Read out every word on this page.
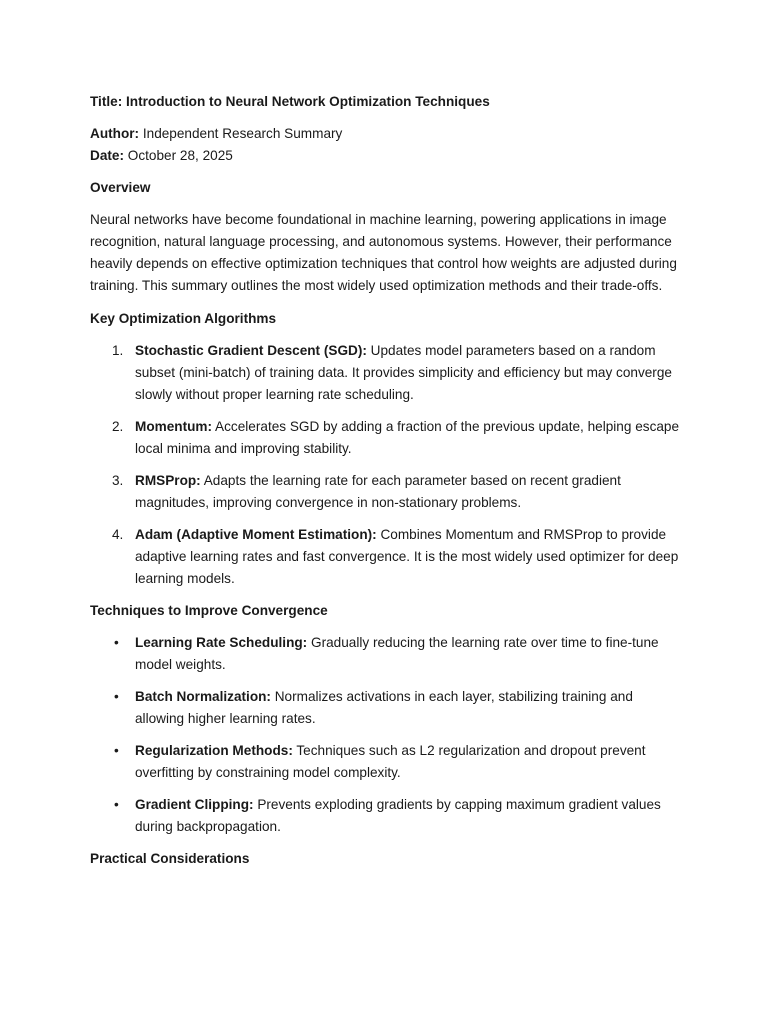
Title: Introduction to Neural Network Optimization Techniques

Author: Independent Research Summary

Date: October 28, 2025

Overview

Neural networks have become foundational in machine learning, powering applications in image recognition, natural language processing, and autonomous systems. However, their performance heavily depends on effective optimization techniques that control how weights are adjusted during training. This summary outlines the most widely used optimization methods and their trade-offs.

Key Optimization Algorithms

1. Stochastic Gradient Descent (SGD): Updates model parameters based on a random subset (mini-batch) of training data. It provides simplicity and efficiency but may converge slowly without proper learning rate scheduling.
2. Momentum: Accelerates SGD by adding a fraction of the previous update, helping escape local minima and improving stability.
3. RMSProp: Adapts the learning rate for each parameter based on recent gradient magnitudes, improving convergence in non-stationary problems.
4. Adam (Adaptive Moment Estimation): Combines Momentum and RMSProp to provide adaptive learning rates and fast convergence. It is the most widely used optimizer for deep learning models.

Techniques to Improve Convergence

•	Learning Rate Scheduling: Gradually reducing the learning rate over time to fine-tune model weights.
•	Batch Normalization: Normalizes activations in each layer, stabilizing training and allowing higher learning rates.
•	Regularization Methods: Techniques such as L2 regularization and dropout prevent overfitting by constraining model complexity.
•	Gradient Clipping: Prevents exploding gradients by capping maximum gradient values during backpropagation.

Practical Considerations
